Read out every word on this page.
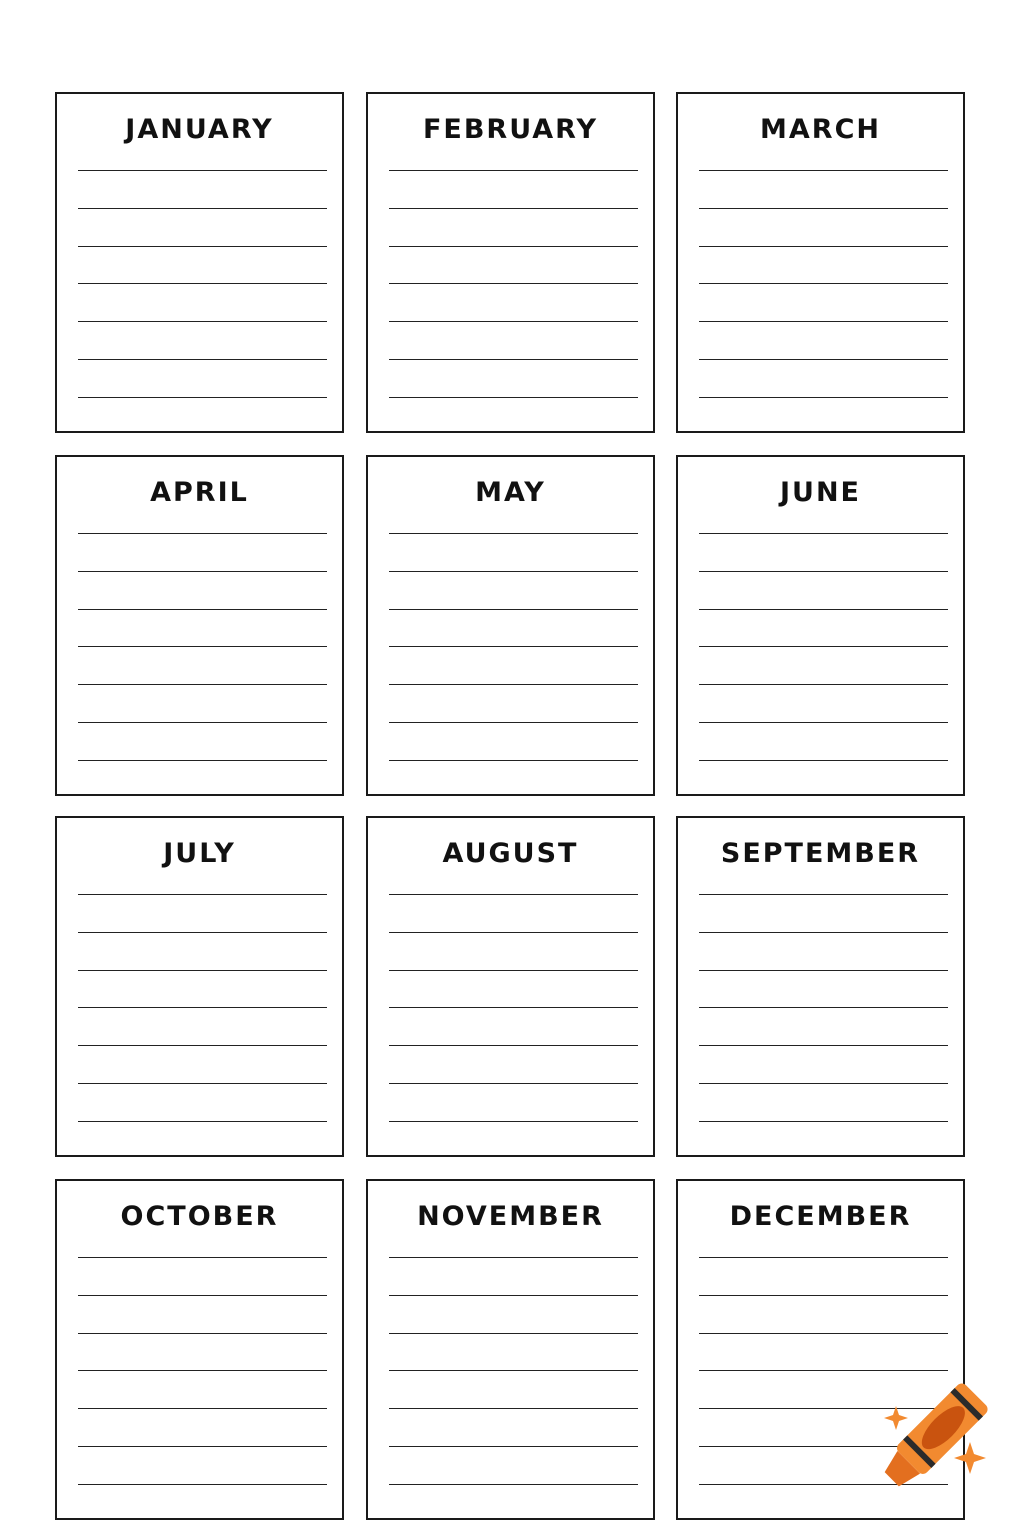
JANUARY	FEBRUARY	MARCH
APRIL	MAY	JUNE
JULY	AUGUST	SEPTEMBER
OCTOBER	NOVEMBER	DECEMBER
